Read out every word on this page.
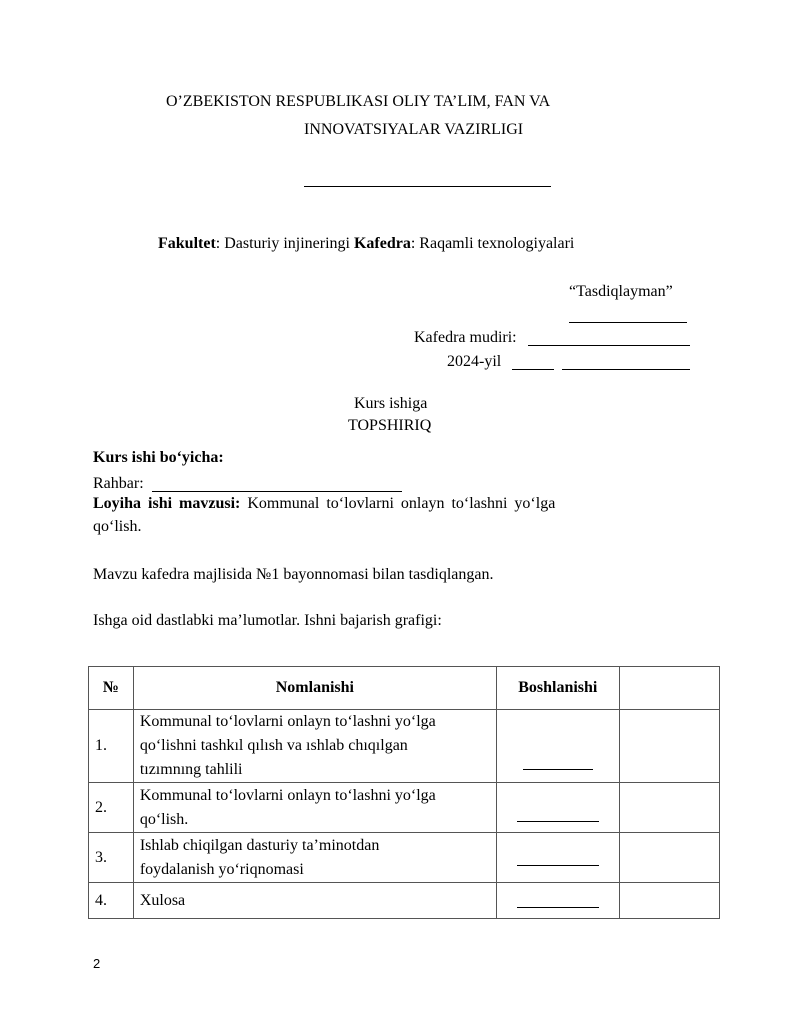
O’ZBEKISTON RESPUBLIKASI OLIY TA’LIM, FAN VA
INNOVATSIYALAR VAZIRLIGI
Fakultet: Dasturiy injineringi Kafedra: Raqamli texnologiyalari
“Tasdiqlayman”
Kafedra mudiri:
2024-yil
Kurs ishiga
TOPSHIRIQ
Kurs ishi bo‘yicha:
Rahbar:
Loyiha ishi mavzusi: Kommunal to‘lovlarni onlayn to‘lashni yo‘lga
qo‘lish.
Mavzu kafedra majlisida №1 bayonnomasi bilan tasdiqlangan.
Ishga oid dastlabki ma’lumotlar. Ishni bajarish grafigi:
№	Nomlanishi	Boshlanishi	
1.	Kommunal to‘lovlarni onlayn to‘lashni yo‘lga
qo‘lishni tashkıl qılısh va ıshlab chıqılgan
tızımnıng tahlili		

2.	Kommunal to‘lovlarni onlayn to‘lashni yo‘lga
qo‘lish.		

3.	Ishlab chiqilgan dasturiy ta’minotdan
foydalanish yo‘riqnomasi		

4.	Xulosa		

2
